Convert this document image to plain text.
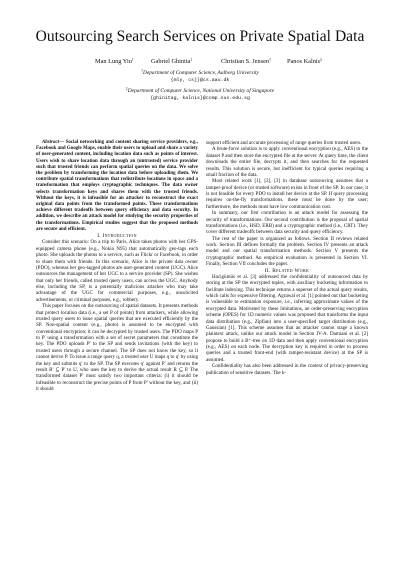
Outsourcing Search Services on Private Spatial Data
Man Lung Yiu†	Gabriel Ghinita‡	Christian S. Jensen†	Panos Kalnis‡
†Department of Computer Science, Aalborg University
{mly, csj}@cs.aau.dk
‡Department of Computer Science, National University of Singapore
{ghinitag, kalnis}@comp.nus.edu.sg

Abstract— Social networking and content sharing service providers, e.g., Facebook and Google Maps, enable their users to upload and share a variety of user-generated content, including location data such as points of interest. Users wish to share location data through an (untrusted) service provider such that trusted friends can perform spatial queries on the data. We solve the problem by transforming the location data before uploading them. We contribute spatial transformations that redistribute locations in space and a transformation that employs cryptographic techniques. The data owner selects transformation keys and shares them with the trusted friends. Without the keys, it is infeasible for an attacker to reconstruct the exact original data points from the transformed points. These transformations achieve different tradeoffs between query efficiency and data security. In addition, we describe an attack model for studying the security properties of the transformations. Empirical studies suggest that the proposed methods are secure and efficient.

I. Introduction

Consider this scenario: On a trip to Paris, Alice takes photos with her GPS-equipped camera phone (e.g., Nokia N95) that automatically geo-tags each photo. She uploads the photos to a service, such as Flickr or Facebook, in order to share them with friends. In this scenario, Alice is the private data owner (PDO), whereas her geo-tagged photos are user-generated content (UGC). Alice outsources the management of her UGC to a service provider (SP). She wishes that only her friends, called trusted query users, can access the UGC. Anybody else, including the SP, is a potentially malicious attacker who may take advantage of the UGC for commercial purposes, e.g., unsolicited advertisements, or criminal purposes, e.g., robbery.

This paper focuses on the outsourcing of spatial datasets. It presents methods that protect location data (i.e., a set P of points) from attackers, while allowing trusted query users to issue spatial queries that are executed efficiently by the SP. Non-spatial content (e.g., photo) is assumed to be encrypted with conventional encryption; it can be decrypted by trusted users. The PDO maps P to P′ using a transformation with a set of secret parameters that constitute the key. The PDO uploads P′ to the SP and sends invitations (with the key) to trusted users through a secure channel. The SP does not know the key, so it cannot derive P. To issue a range query q, a trusted user U maps q to q′ by using the key and submits q′ to the SP. The SP executes q′ against P′ and returns the result R′ ⊆ P′ to U, who uses the key to derive the actual result R ⊆ P. The transformed dataset P′ must satisfy two important criteria: (i) it should be infeasible to reconstruct the precise points of P from P′ without the key, and (ii) it should

support efficient and accurate processing of range queries from trusted users.

A brute-force solution is to apply conventional encryption (e.g., AES) to the dataset P and then store the encrypted file at the server. At query time, the client downloads the entire file, decrypts it, and then searches for the requested results. This solution is secure, but inefficient for typical queries requiring a small fraction of the data.

Most related work [1], [2], [3] in database outsourcing assumes that a tamper-proof device (or trusted software) exists in front of the SP. In our case, it is not feasible for every PDO to install her device at the SP. If query processing requires on-the-fly transformations, these must be done by the user; furthermore, the methods must have low communication cost.

In summary, our first contribution is an attack model for assessing the security of transformations. Our second contribution is the proposal of spatial transformations (i.e., HSD, ERB) and a cryptographic method (i.e., CRT). They cover different tradeoffs between data security and query efficiency.

The rest of the paper is organized as follows. Section II reviews related work. Section III defines formally the problem. Section IV presents an attack model and our spatial transformation methods. Section V presents the cryptographic method. An empirical evaluation is presented in Section VI. Finally, Section VII concludes the paper.

II. Related Work

Hacigümüs et al. [3] addressed the confidentiality of outsourced data by storing at the SP the encrypted tuples, with auxiliary bucketing information to facilitate indexing. This technique returns a superset of the actual query results, which calls for expensive filtering. Agrawal et al. [1] pointed out that bucketing is vulnerable to estimation exposure, i.e., inferring approximate values of the encrypted data. Motivated by these limitations, an order-preserving encryption scheme (OPES) for 1D numeric values was proposed that transforms the input data distribution (e.g., Zipfian) into a user-specified target distribution (e.g., Gaussian) [1]. This scheme assumes that an attacker cannot stage a known plaintext attack, unlike our attack model in Section IV-A. Damiani et al. [2] propose to build a B⁺-tree on 1D data and then apply conventional encryption (e.g., AES) on each node. The decryption key is required in order to process queries and a trusted front-end (with tamper-resistant device) at the SP is assumed.

Confidentiality has also been addressed in the context of privacy-preserving publication of sensitive datasets. The k-
